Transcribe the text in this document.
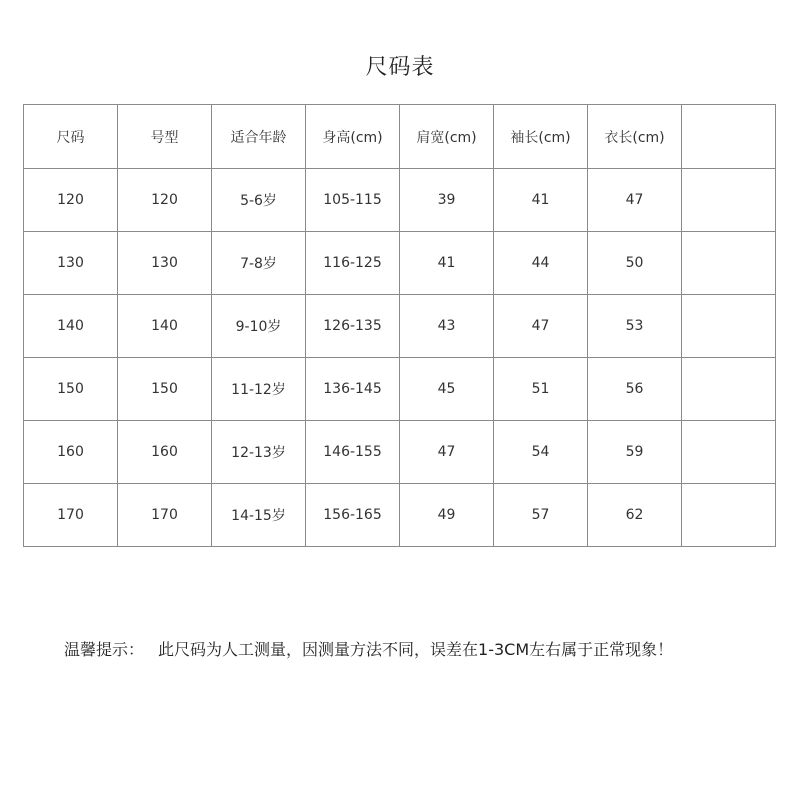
尺码表
尺码	号型	适合年龄	身高(cm)	肩宽(cm)	袖长(cm)	衣长(cm)	
120	120	5-6岁	105-115	39	41	47	
130	130	7-8岁	116-125	41	44	50	
140	140	9-10岁	126-135	43	47	53	
150	150	11-12岁	136-145	45	51	56	
160	160	12-13岁	146-155	47	54	59	
170	170	14-15岁	156-165	49	57	62	
温馨提示： 此尺码为人工测量，因测量方法不同，误差在1-3CM左右属于正常现象！
